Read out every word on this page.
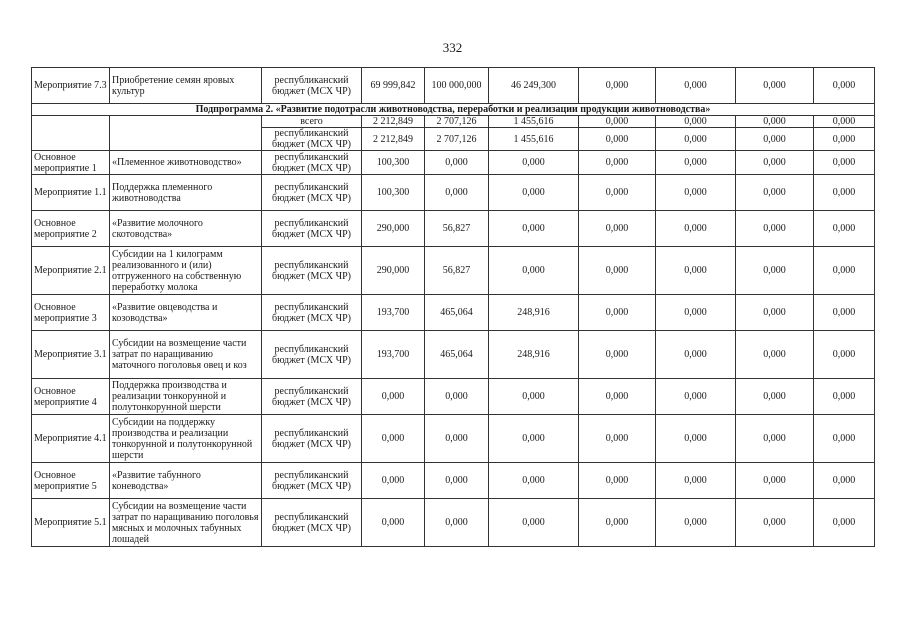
332
Мероприятие 7.3	Приобретение семян яровых культур	республиканский бюджет (МСХ ЧР)	69 999,842	100 000,000	46 249,300	0,000	0,000	0,000	0,000
Подпрограмма 2. «Развитие подотрасли животноводства, переработки и реализации продукции животноводства»									
		всего	2 212,849	2 707,126	1 455,616	0,000	0,000	0,000	0,000
		республиканский бюджет (МСХ ЧР)	2 212,849	2 707,126	1 455,616	0,000	0,000	0,000	0,000
Основное мероприятие 1	«Племенное животноводство»	республиканский бюджет (МСХ ЧР)	100,300	0,000	0,000	0,000	0,000	0,000	0,000
Мероприятие 1.1	Поддержка племенного животноводства	республиканский бюджет (МСХ ЧР)	100,300	0,000	0,000	0,000	0,000	0,000	0,000
Основное мероприятие 2	«Развитие молочного скотоводства»	республиканский бюджет (МСХ ЧР)	290,000	56,827	0,000	0,000	0,000	0,000	0,000
Мероприятие 2.1	Субсидии на 1 килограмм реализованного и (или) отгруженного на собственную переработку молока	республиканский бюджет (МСХ ЧР)	290,000	56,827	0,000	0,000	0,000	0,000	0,000
Основное мероприятие 3	«Развитие овцеводства и козоводства»	республиканский бюджет (МСХ ЧР)	193,700	465,064	248,916	0,000	0,000	0,000	0,000
Мероприятие 3.1	Субсидии на возмещение части затрат по наращиванию маточного поголовья овец и коз	республиканский бюджет (МСХ ЧР)	193,700	465,064	248,916	0,000	0,000	0,000	0,000
Основное мероприятие 4	Поддержка производства и реализации тонкорунной и полутонкорунной шерсти	республиканский бюджет (МСХ ЧР)	0,000	0,000	0,000	0,000	0,000	0,000	0,000
Мероприятие 4.1	Субсидии на поддержку производства и реализации тонкорунной и полутонкорунной шерсти	республиканский бюджет (МСХ ЧР)	0,000	0,000	0,000	0,000	0,000	0,000	0,000
Основное мероприятие 5	«Развитие табунного коневодства»	республиканский бюджет (МСХ ЧР)	0,000	0,000	0,000	0,000	0,000	0,000	0,000
Мероприятие 5.1	Субсидии на возмещение части затрат по наращиванию поголовья мясных и молочных табунных лошадей	республиканский бюджет (МСХ ЧР)	0,000	0,000	0,000	0,000	0,000	0,000	0,000
